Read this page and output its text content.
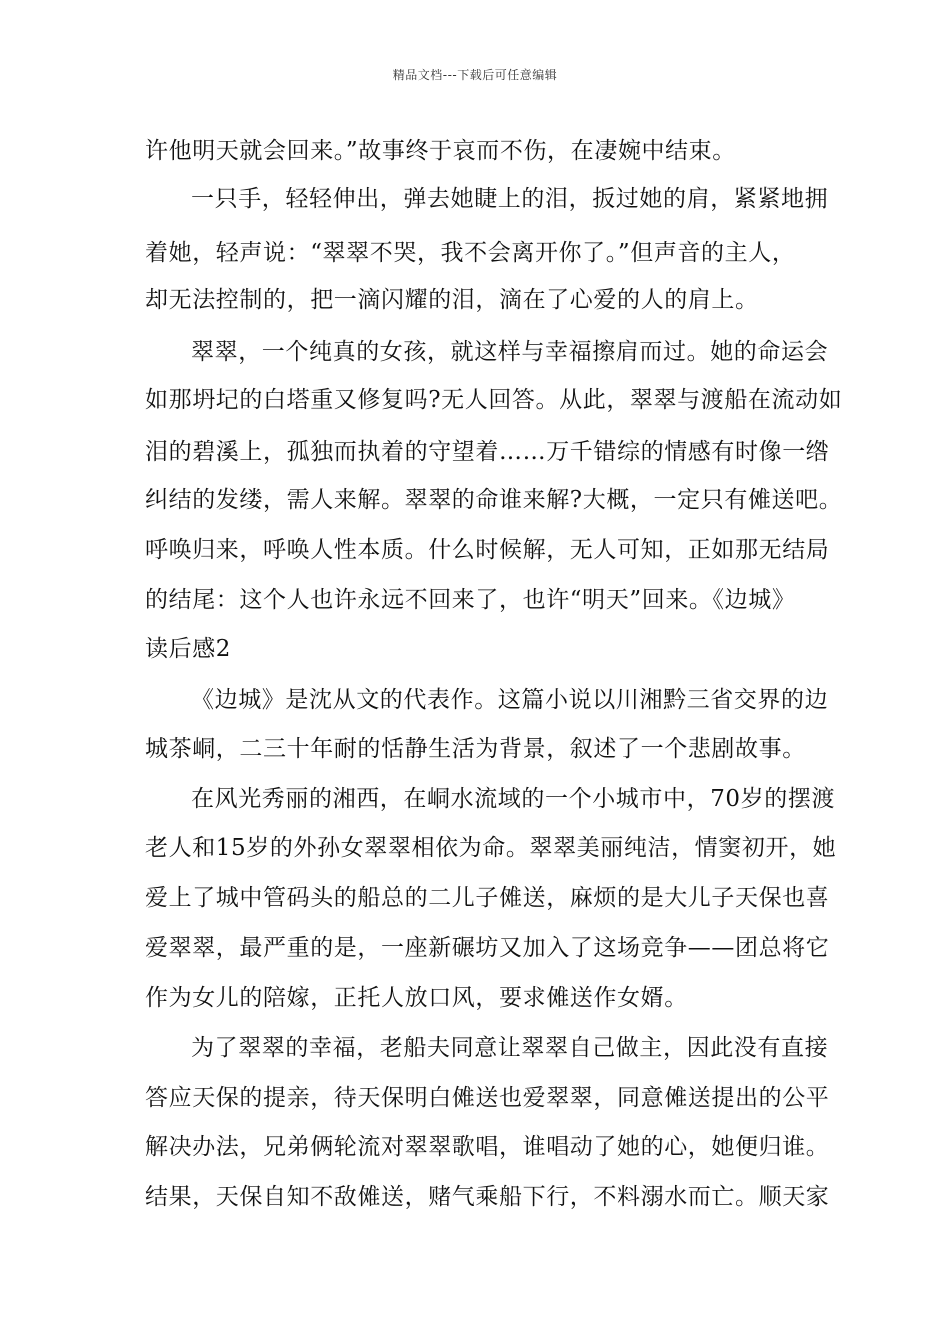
精品文档---下载后可任意编辑
许他明天就会回来。”故事终于哀而不伤，在凄婉中结束。
一只手，轻轻伸出，弹去她睫上的泪，扳过她的肩，紧紧地拥
着她，轻声说：“翠翠不哭，我不会离开你了。”但声音的主人，
却无法控制的，把一滴闪耀的泪，滴在了心爱的人的肩上。
翠翠，一个纯真的女孩，就这样与幸福擦肩而过。她的命运会
如那坍圮的白塔重又修复吗?无人回答。从此，翠翠与渡船在流动如
泪的碧溪上，孤独而执着的守望着……万千错综的情感有时像一绺
纠结的发缕，需人来解。翠翠的命谁来解?大概，一定只有傩送吧。
呼唤归来，呼唤人性本质。什么时候解，无人可知，正如那无结局
的结尾：这个人也许永远不回来了，也许“明天”回来。《边城》
读后感2
《边城》是沈从文的代表作。这篇小说以川湘黔三省交界的边
城茶峒，二三十年耐的恬静生活为背景，叙述了一个悲剧故事。
在风光秀丽的湘西，在峒水流域的一个小城市中，70岁的摆渡
老人和15岁的外孙女翠翠相依为命。翠翠美丽纯洁，情窦初开，她
爱上了城中管码头的船总的二儿子傩送，麻烦的是大儿子天保也喜
爱翠翠，最严重的是，一座新碾坊又加入了这场竞争——团总将它
作为女儿的陪嫁，正托人放口风，要求傩送作女婿。
为了翠翠的幸福，老船夫同意让翠翠自己做主，因此没有直接
答应天保的提亲，待天保明白傩送也爱翠翠，同意傩送提出的公平
解决办法，兄弟俩轮流对翠翠歌唱，谁唱动了她的心，她便归谁。
结果，天保自知不敌傩送，赌气乘船下行，不料溺水而亡。顺天家
